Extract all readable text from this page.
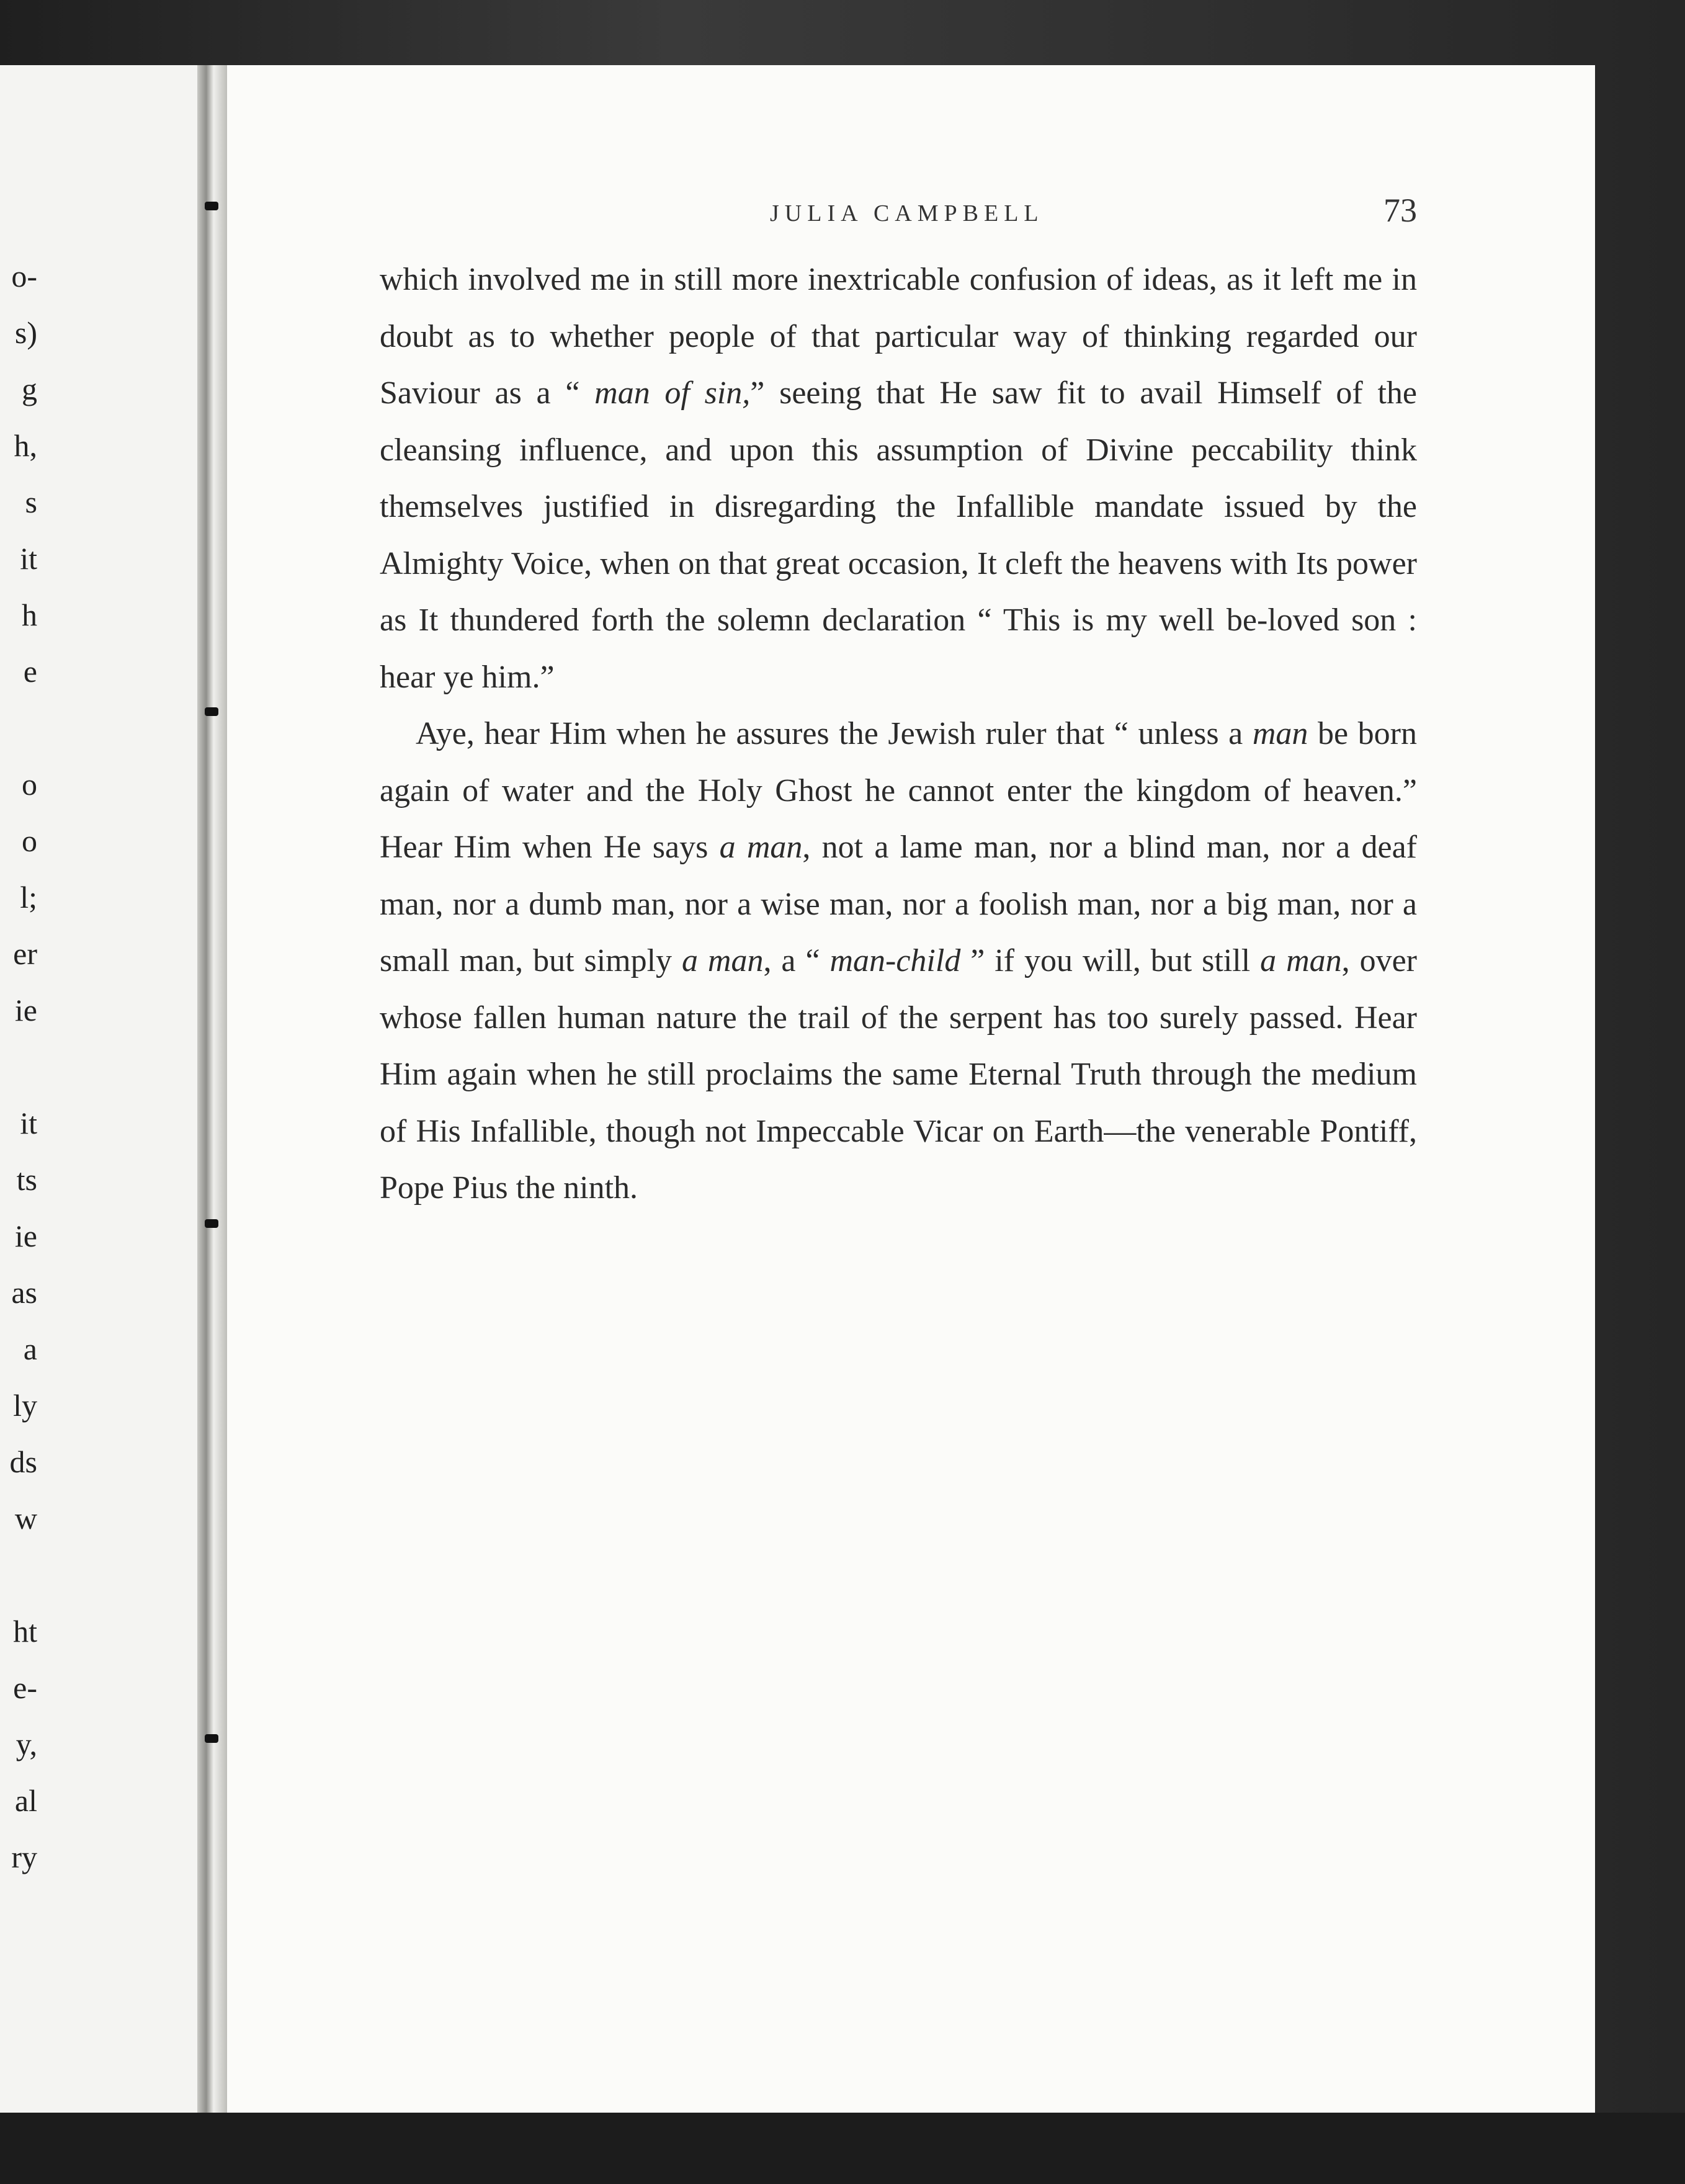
o-
s)
g
h,
s
it
h
e
o
o
l;
er
ie
it
ts
ie
as
a
ly
ds
w
ht
e-
y,
al
ry
JULIA CAMPBELL	73

which involved me in still more inextricable confusion of ideas, as it left me in doubt as to whether people of that particular way of thinking regarded our Saviour as a “ man of sin,” seeing that He saw fit to avail Himself of the cleansing influence, and upon this assumption of Divine peccability think themselves justified in disregarding the Infallible mandate issued by the Almighty Voice, when on that great occasion, It cleft the heavens with Its power as It thundered forth the solemn declaration “ This is my well be-loved son : hear ye him.”

Aye, hear Him when he assures the Jewish ruler that “ unless a man be born again of water and the Holy Ghost he cannot enter the kingdom of heaven.” Hear Him when He says a man, not a lame man, nor a blind man, nor a deaf man, nor a dumb man, nor a wise man, nor a foolish man, nor a big man, nor a small man, but simply a man, a “ man-child ” if you will, but still a man, over whose fallen human nature the trail of the serpent has too surely passed. Hear Him again when he still proclaims the same Eternal Truth through the medium of His Infallible, though not Impeccable Vicar on Earth—the venerable Pontiff, Pope Pius the ninth.
